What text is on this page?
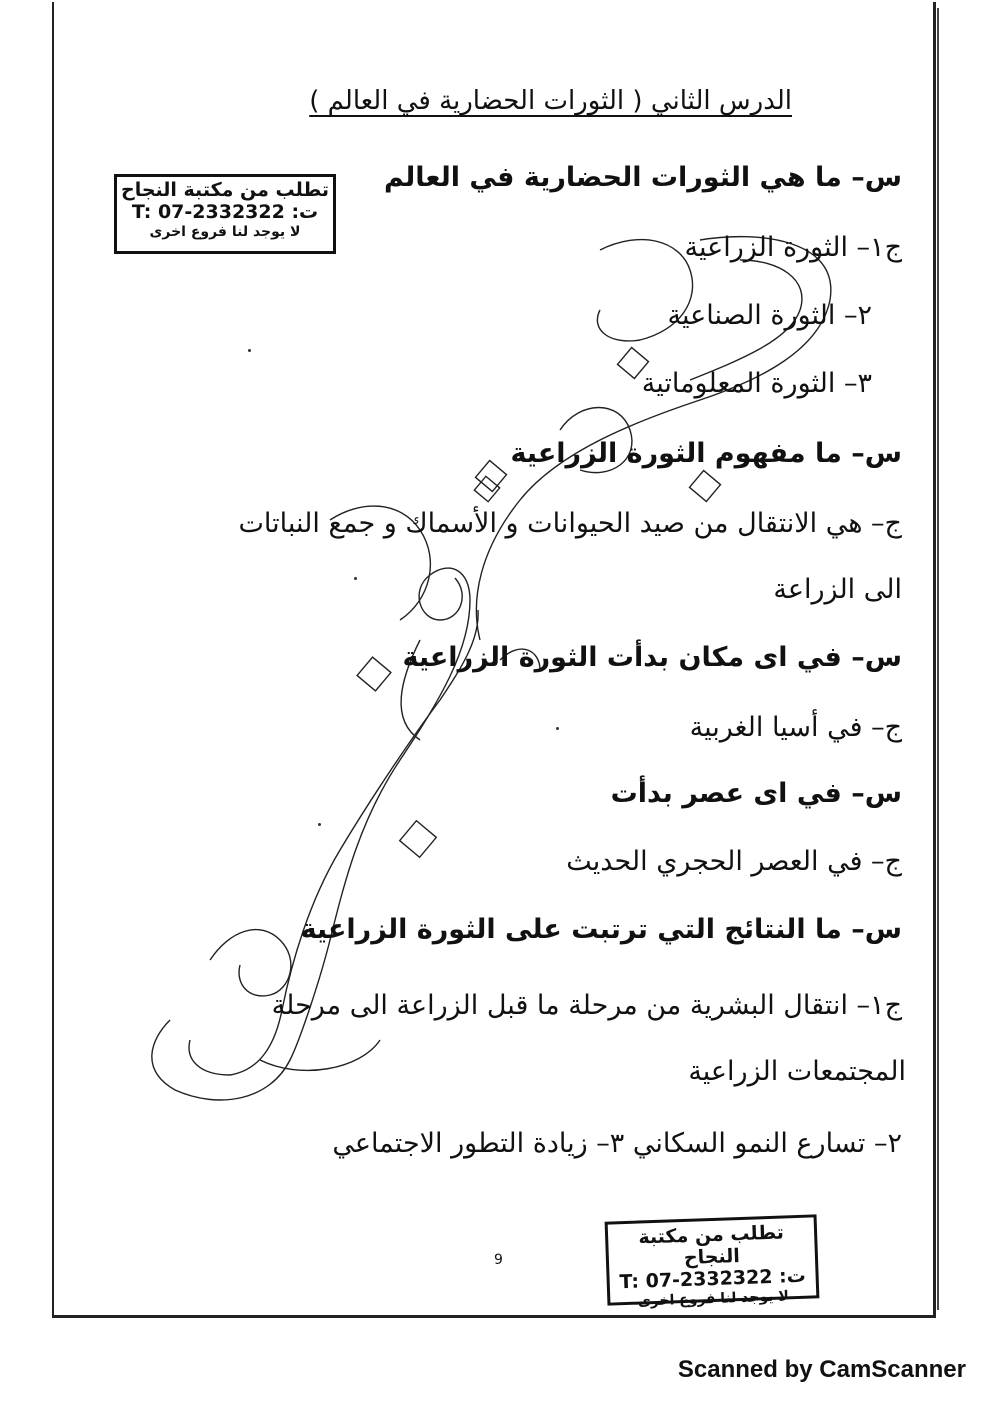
الدرس الثاني ( الثورات الحضارية في العالم )
س– ما هي الثورات الحضارية في العالم
ج١– الثورة الزراعية
٢– الثورة الصناعية
٣– الثورة المعلوماتية
س– ما مفهوم الثورة الزراعية
ج– هي الانتقال من صيد الحيوانات و الأسماك و جمع النباتات
الى الزراعة
س– في اى مكان بدأت الثورة الزراعية
ج– في أسيا الغربية
س– في اى عصر بدأت
ج– في العصر الحجري الحديث
س– ما النتائج التي ترتبت على الثورة الزراعية
ج١– انتقال البشرية من مرحلة ما قبل الزراعة الى مرحلة
المجتمعات الزراعية
٢– تسارع النمو السكاني ٣– زيادة التطور الاجتماعي
تطلب من مكتبة النجاح
ت: T: 07-2332322
لا يوجد لنا فروع اخرى
9
تطلب من مكتبة النجاح
ت: T: 07-2332322
لا يوجد لنا فروع اخرى
Scanned by CamScanner
